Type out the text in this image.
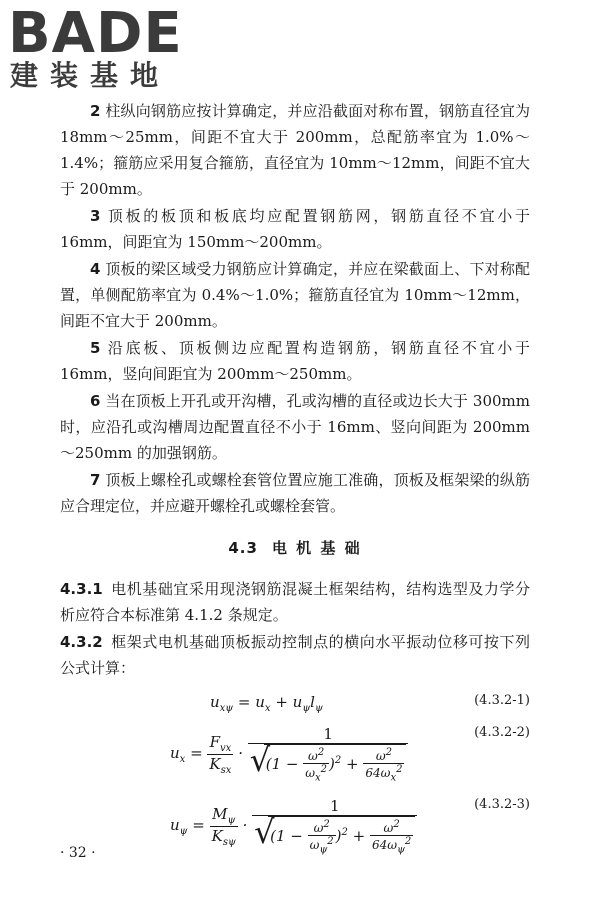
BADE
建装基地

2 柱纵向钢筋应按计算确定，并应沿截面对称布置，钢筋直径宜为 18mm～25mm，间距不宜大于 200mm，总配筋率宜为 1.0%～1.4%；箍筋应采用复合箍筋，直径宜为 10mm～12mm，间距不宜大于 200mm。

3 顶板的板顶和板底均应配置钢筋网，钢筋直径不宜小于 16mm，间距宜为 150mm～200mm。

4 顶板的梁区域受力钢筋应计算确定，并应在梁截面上、下对称配置，单侧配筋率宜为 0.4%～1.0%；箍筋直径宜为 10mm～12mm，间距不宜大于 200mm。

5 沿底板、顶板侧边应配置构造钢筋，钢筋直径不宜小于 16mm，竖向间距宜为 200mm～250mm。

6 当在顶板上开孔或开沟槽，孔或沟槽的直径或边长大于 300mm 时，应沿孔或沟槽周边配置直径不小于 16mm、竖向间距为 200mm～250mm 的加强钢筋。

7 顶板上螺栓孔或螺栓套管位置应施工准确，顶板及框架梁的纵筋应合理定位，并应避开螺栓孔或螺栓套管。

4.3 电 机 基 础

4.3.1 电机基础宜采用现浇钢筋混凝土框架结构，结构选型及力学分析应符合本标准第 4.1.2 条规定。

4.3.2 框架式电机基础顶板振动控制点的横向水平振动位移可按下列公式计算：

$u_{x\psi} = u_x + u_\psi l_\psi$
(4.3.2-1)
$u_x = \frac{F_{vx}}{K_{sx}} \cdot 1$
√
$(1 - \frac{\omega^2}{\omega_x^2} )^2 + \frac{\omega^2}{64\omega_x^2}$	(4.3.2-2)
$u_\psi = \frac{M_\psi}{K_{s\psi}} \cdot 1$
√
$(1 - \frac{\omega^2}{\omega_\psi^2} )^2 + \frac{\omega^2}{64\omega_\psi^2}$	(4.3.2-3)
· 32 ·
